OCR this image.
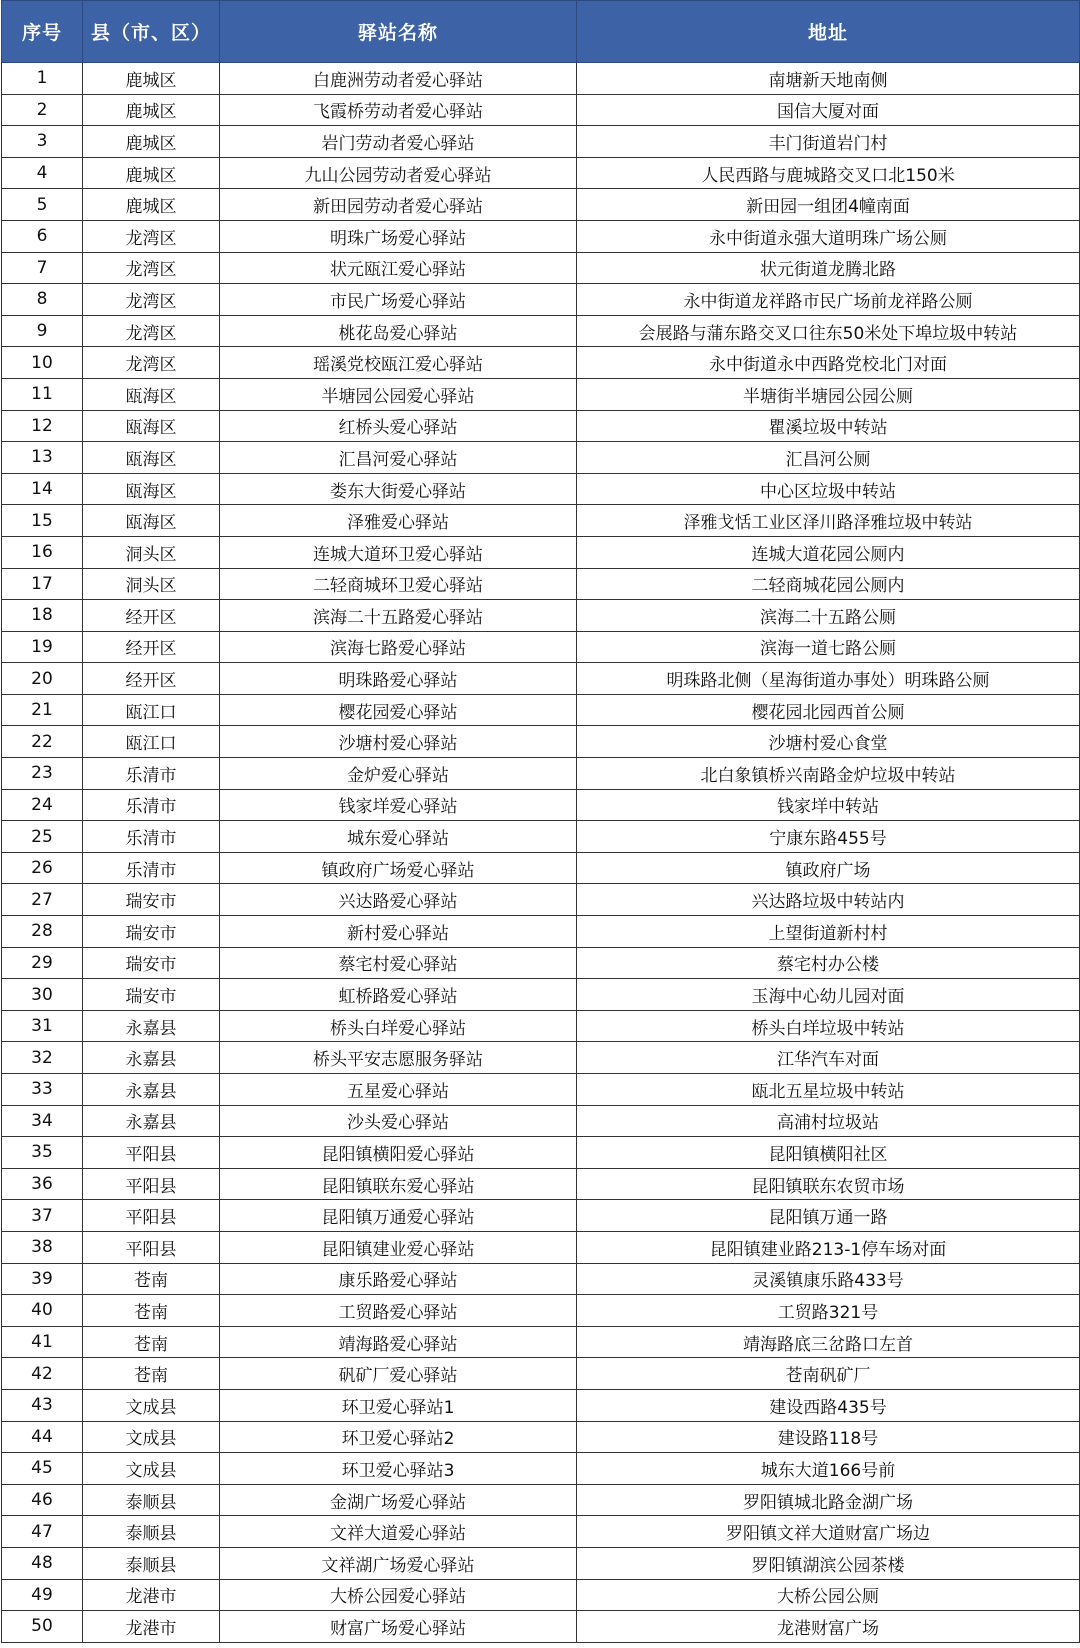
序号	县（市、区）	驿站名称	地址
1	鹿城区	白鹿洲劳动者爱心驿站	南塘新天地南侧
2	鹿城区	飞霞桥劳动者爱心驿站	国信大厦对面
3	鹿城区	岩门劳动者爱心驿站	丰门街道岩门村
4	鹿城区	九山公园劳动者爱心驿站	人民西路与鹿城路交叉口北150米
5	鹿城区	新田园劳动者爱心驿站	新田园一组团4幢南面
6	龙湾区	明珠广场爱心驿站	永中街道永强大道明珠广场公厕
7	龙湾区	状元瓯江爱心驿站	状元街道龙腾北路
8	龙湾区	市民广场爱心驿站	永中街道龙祥路市民广场前龙祥路公厕
9	龙湾区	桃花岛爱心驿站	会展路与蒲东路交叉口往东50米处下埠垃圾中转站
10	龙湾区	瑶溪党校瓯江爱心驿站	永中街道永中西路党校北门对面
11	瓯海区	半塘园公园爱心驿站	半塘街半塘园公园公厕
12	瓯海区	红桥头爱心驿站	瞿溪垃圾中转站
13	瓯海区	汇昌河爱心驿站	汇昌河公厕
14	瓯海区	娄东大街爱心驿站	中心区垃圾中转站
15	瓯海区	泽雅爱心驿站	泽雅戈恬工业区泽川路泽雅垃圾中转站
16	洞头区	连城大道环卫爱心驿站	连城大道花园公厕内
17	洞头区	二轻商城环卫爱心驿站	二轻商城花园公厕内
18	经开区	滨海二十五路爱心驿站	滨海二十五路公厕
19	经开区	滨海七路爱心驿站	滨海一道七路公厕
20	经开区	明珠路爱心驿站	明珠路北侧（星海街道办事处）明珠路公厕
21	瓯江口	樱花园爱心驿站	樱花园北园西首公厕
22	瓯江口	沙塘村爱心驿站	沙塘村爱心食堂
23	乐清市	金炉爱心驿站	北白象镇桥兴南路金炉垃圾中转站
24	乐清市	钱家垟爱心驿站	钱家垟中转站
25	乐清市	城东爱心驿站	宁康东路455号
26	乐清市	镇政府广场爱心驿站	镇政府广场
27	瑞安市	兴达路爱心驿站	兴达路垃圾中转站内
28	瑞安市	新村爱心驿站	上望街道新村村
29	瑞安市	蔡宅村爱心驿站	蔡宅村办公楼
30	瑞安市	虹桥路爱心驿站	玉海中心幼儿园对面
31	永嘉县	桥头白垟爱心驿站	桥头白垟垃圾中转站
32	永嘉县	桥头平安志愿服务驿站	江华汽车对面
33	永嘉县	五星爱心驿站	瓯北五星垃圾中转站
34	永嘉县	沙头爱心驿站	高浦村垃圾站
35	平阳县	昆阳镇横阳爱心驿站	昆阳镇横阳社区
36	平阳县	昆阳镇联东爱心驿站	昆阳镇联东农贸市场
37	平阳县	昆阳镇万通爱心驿站	昆阳镇万通一路
38	平阳县	昆阳镇建业爱心驿站	昆阳镇建业路213-1停车场对面
39	苍南	康乐路爱心驿站	灵溪镇康乐路433号
40	苍南	工贸路爱心驿站	工贸路321号
41	苍南	靖海路爱心驿站	靖海路底三岔路口左首
42	苍南	矾矿厂爱心驿站	苍南矾矿厂
43	文成县	环卫爱心驿站1	建设西路435号
44	文成县	环卫爱心驿站2	建设路118号
45	文成县	环卫爱心驿站3	城东大道166号前
46	泰顺县	金湖广场爱心驿站	罗阳镇城北路金湖广场
47	泰顺县	文祥大道爱心驿站	罗阳镇文祥大道财富广场边
48	泰顺县	文祥湖广场爱心驿站	罗阳镇湖滨公园茶楼
49	龙港市	大桥公园爱心驿站	大桥公园公厕
50	龙港市	财富广场爱心驿站	龙港财富广场
